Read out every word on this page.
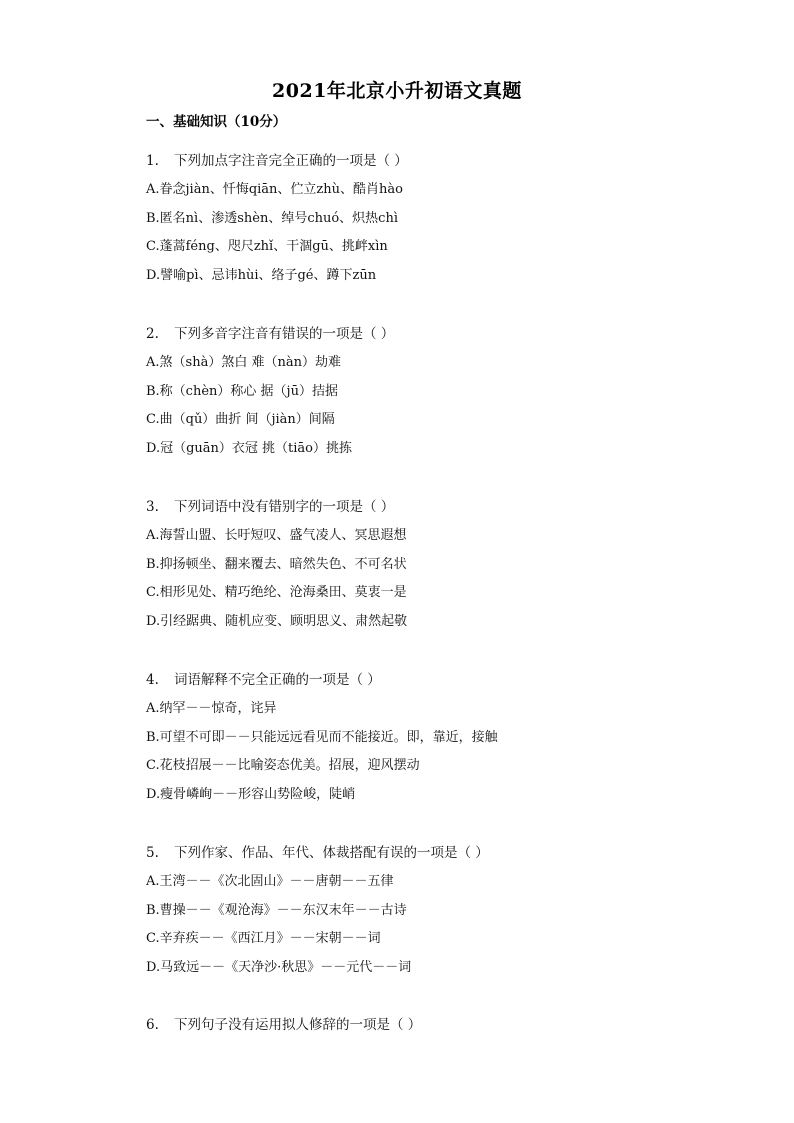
2021年北京小升初语文真题
一、基础知识（10分）
1. 下列加点字注音完全正确的一项是（ ）
A.眷念jiàn、忏悔qiān、伫立zhù、酷肖hào
B.匿名nì、渗透shèn、绰号chuó、炽热chì
C.蓬蒿féng、咫尺zhǐ、干涸gū、挑衅xìn
D.譬喻pì、忌讳hùi、络子gé、蹲下zūn
2. 下列多音字注音有错误的一项是（ ）
A.煞（shà）煞白 难（nàn）劫难
B.称（chèn）称心 据（jū）拮据
C.曲（qǔ）曲折 间（jiàn）间隔
D.冠（guān）衣冠 挑（tiāo）挑拣
3. 下列词语中没有错别字的一项是（ ）
A.海誓山盟、长吁短叹、盛气凌人、冥思遐想
B.抑扬顿坐、翻来覆去、暗然失色、不可名状
C.相形见处、精巧绝纶、沧海桑田、莫衷一是
D.引经踞典、随机应变、顾明思义、肃然起敬
4. 词语解释不完全正确的一项是（ ）
A.纳罕－－惊奇，诧异
B.可望不可即－－只能远远看见而不能接近。即，靠近，接触
C.花枝招展－－比喻姿态优美。招展，迎风摆动
D.瘦骨嶙峋－－形容山势险峻，陡峭
5. 下列作家、作品、年代、体裁搭配有误的一项是（ ）
A.王湾－－《次北固山》－－唐朝－－五律
B.曹操－－《观沧海》－－东汉末年－－古诗
C.辛弃疾－－《西江月》－－宋朝－－词
D.马致远－－《天净沙·秋思》－－元代－－词
6. 下列句子没有运用拟人修辞的一项是（ ）
